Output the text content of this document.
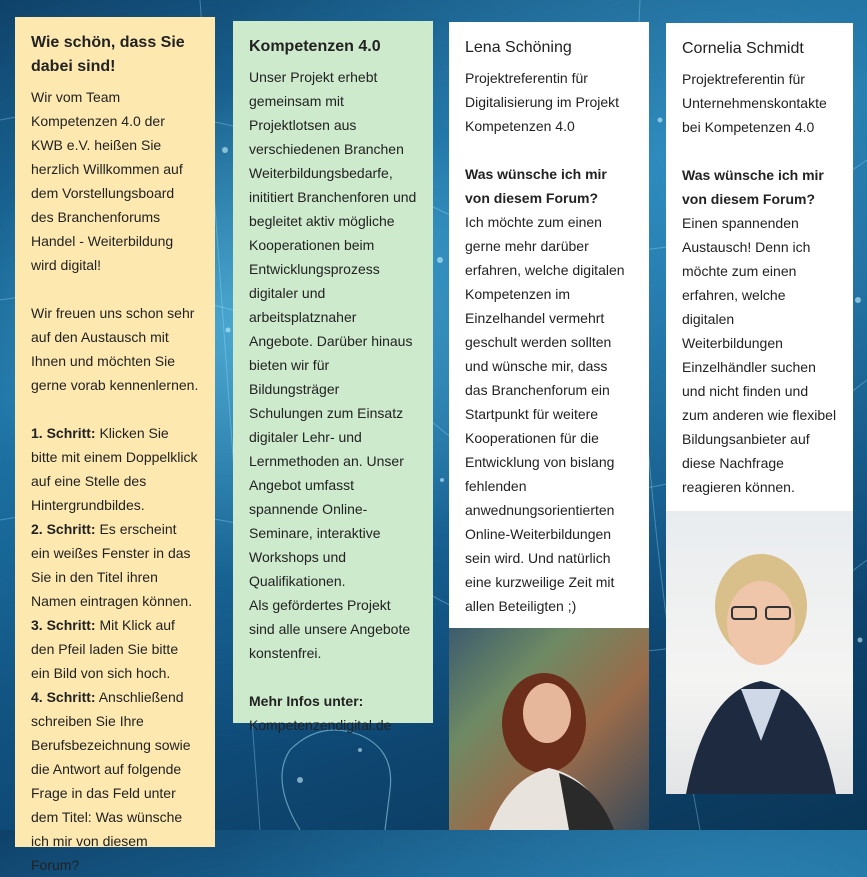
Wie schön, dass Sie dabei sind!

Wir vom Team Kompetenzen 4.0 der KWB e.V. heißen Sie herzlich Willkommen auf dem Vorstellungsboard des Branchenforums Handel - Weiterbildung wird digital!

Wir freuen uns schon sehr auf den Austausch mit Ihnen und möchten Sie gerne vorab kennenlernen.

1. Schritt: Klicken Sie bitte mit einem Doppelklick auf eine Stelle des Hintergrundbildes.

2. Schritt: Es erscheint ein weißes Fenster in das Sie in den Titel ihren Namen eintragen können.

3. Schritt: Mit Klick auf den Pfeil laden Sie bitte ein Bild von sich hoch.

4. Schritt: Anschließend schreiben Sie Ihre Berufsbezeichnung sowie die Antwort auf folgende Frage in das Feld unter dem Titel: Was wünsche ich mir von diesem Forum?

Kompetenzen 4.0

Unser Projekt erhebt gemeinsam mit Projektlotsen aus verschiedenen Branchen Weiterbildungsbedarfe, inititiert Branchenforen und begleitet aktiv mögliche Kooperationen beim Entwicklungsprozess digitaler und arbeitsplatznaher Angebote. Darüber hinaus bieten wir für Bildungsträger Schulungen zum Einsatz digitaler Lehr- und Lernmethoden an. Unser Angebot umfasst spannende Online-Seminare, interaktive Workshops und Qualifikationen.

Als gefördertes Projekt sind alle unsere Angebote konstenfrei.

Mehr Infos unter:

Kompetenzendigital.de

Lena Schöning

Projektreferentin für Digitalisierung im Projekt Kompetenzen 4.0

Was wünsche ich mir von diesem Forum?

Ich möchte zum einen gerne mehr darüber erfahren, welche digitalen Kompetenzen im Einzelhandel vermehrt geschult werden sollten und wünsche mir, dass das Branchenforum ein Startpunkt für weitere Kooperationen für die Entwicklung von bislang fehlenden anwednungsorientierten Online-Weiterbildungen sein wird. Und natürlich eine kurzweilige Zeit mit allen Beteiligten ;)

Cornelia Schmidt

Projektreferentin für Unternehmenskontakte bei Kompetenzen 4.0

Was wünsche ich mir von diesem Forum?

Einen spannenden Austausch! Denn ich möchte zum einen erfahren, welche digitalen Weiterbildungen Einzelhändler suchen und nicht finden und zum anderen wie flexibel Bildungsanbieter auf diese Nachfrage reagieren können.
